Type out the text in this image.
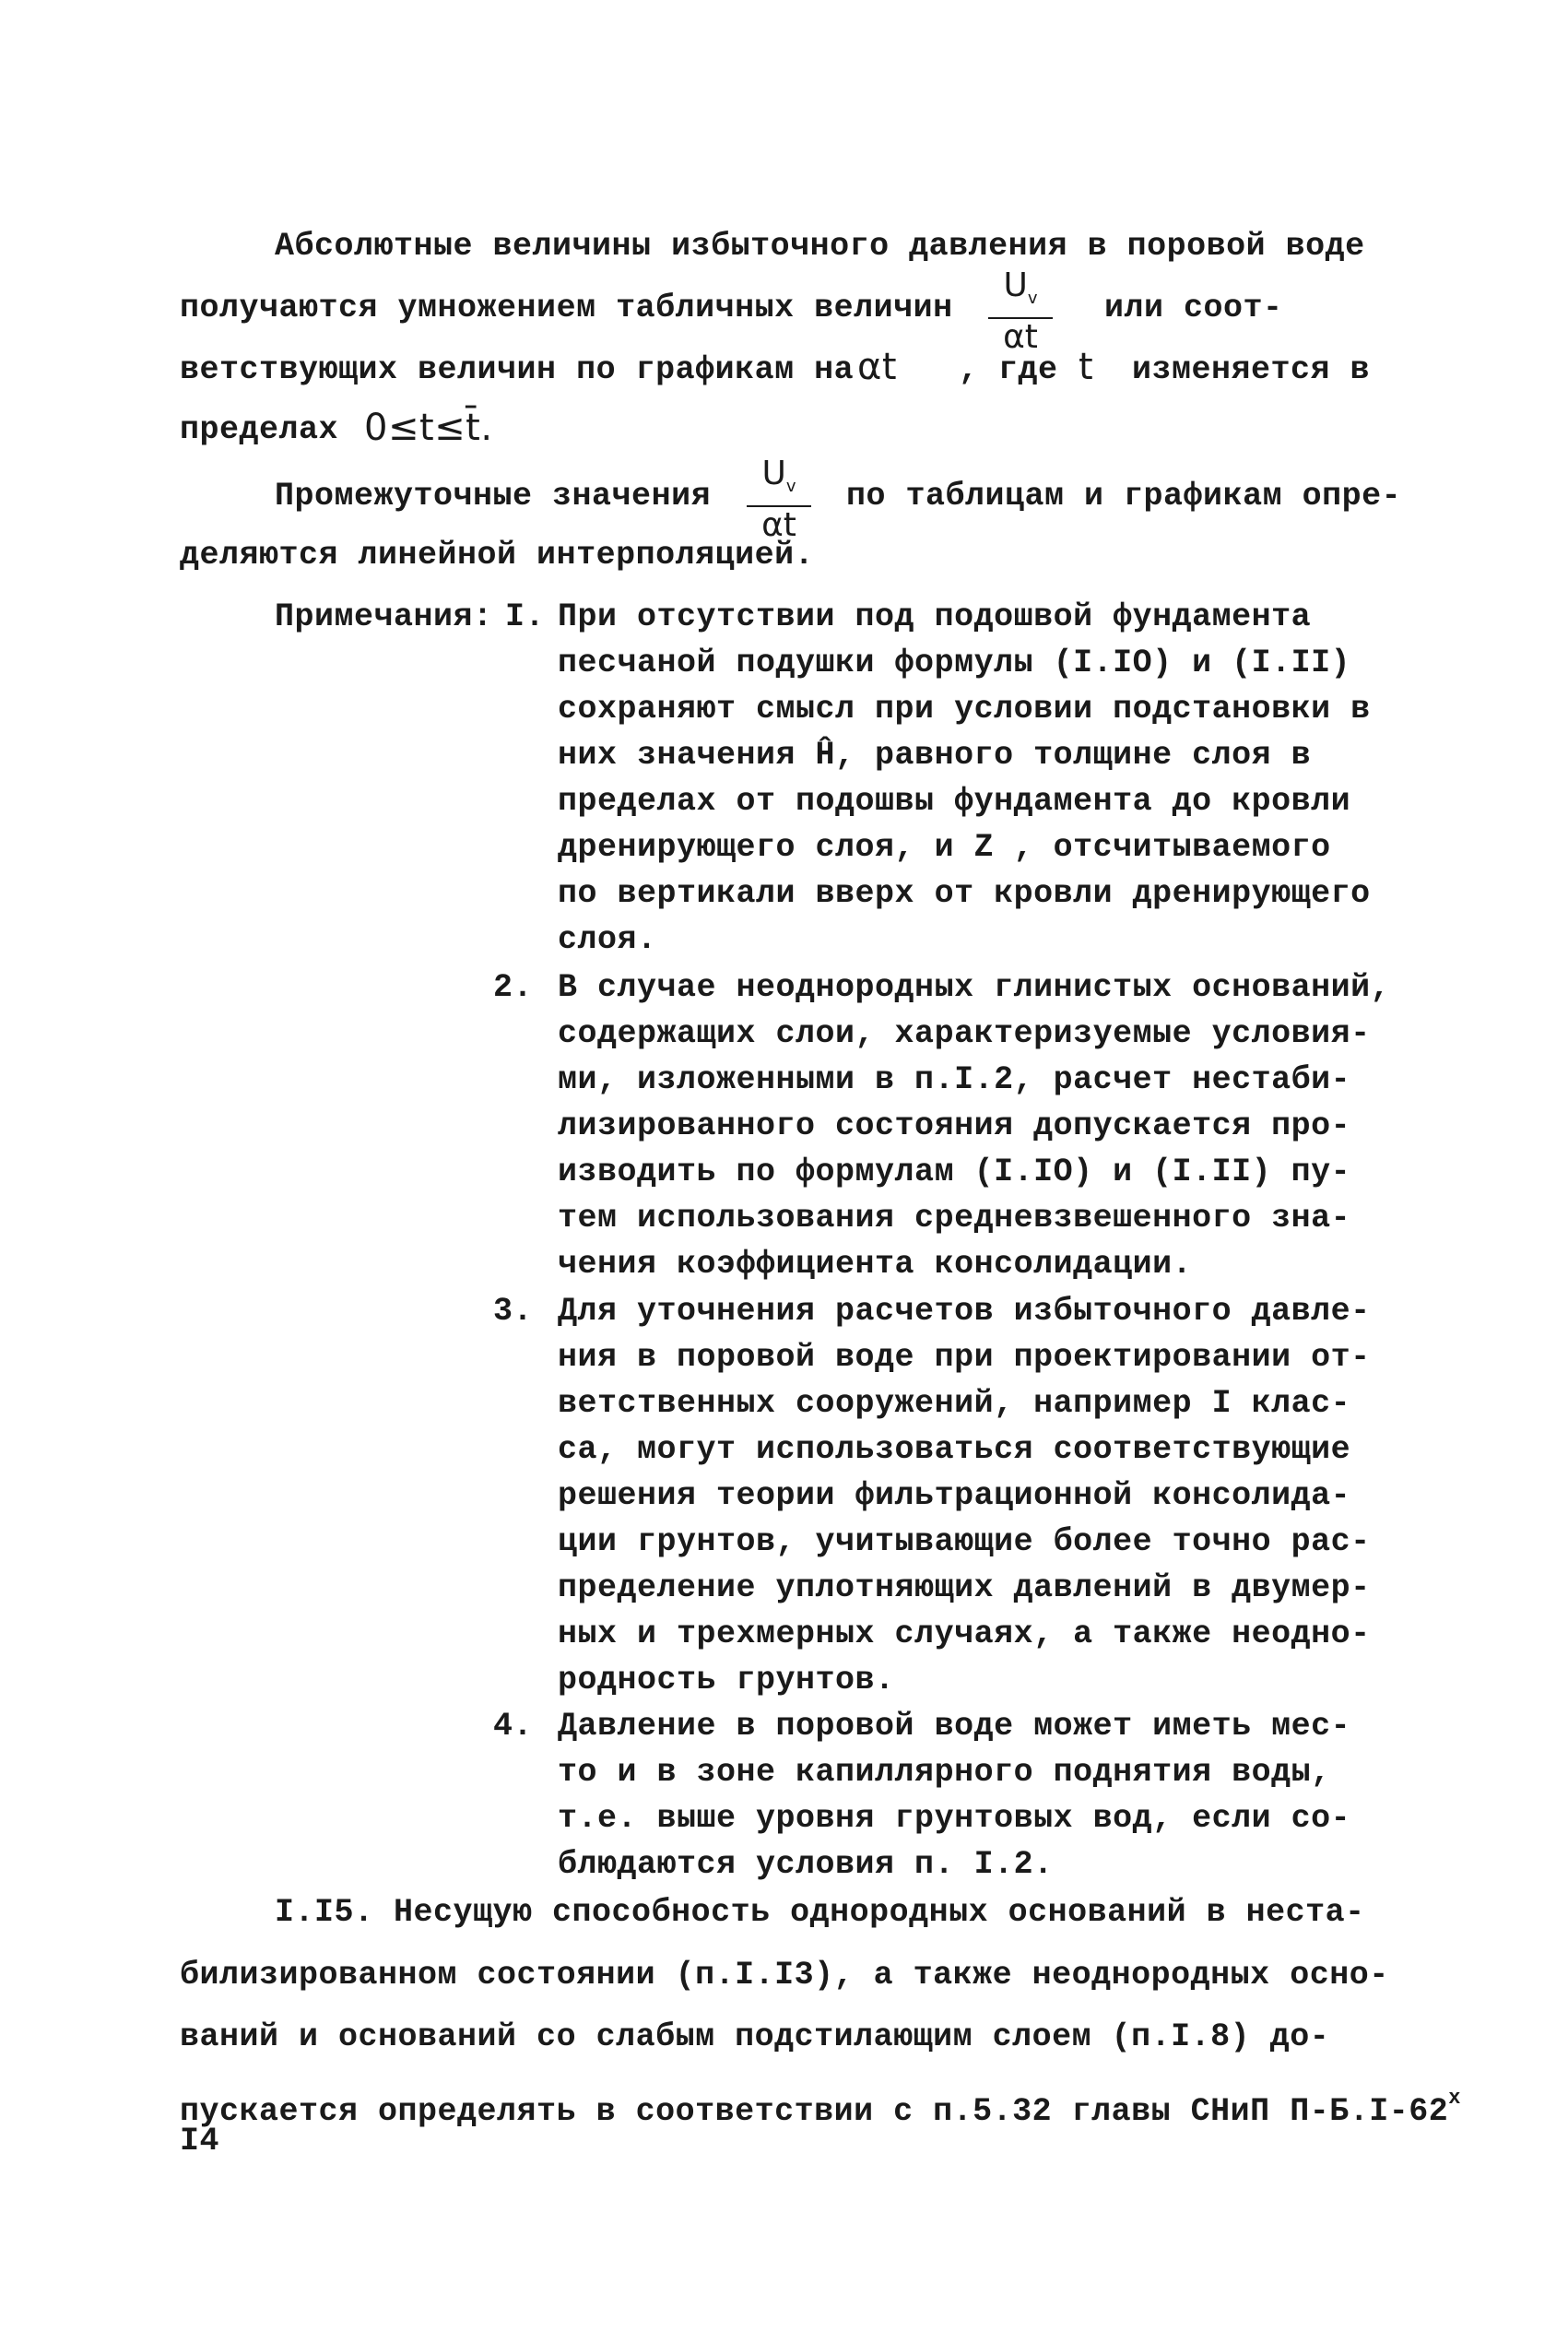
Абсолютные величины избыточного давления в поровой воде
получаются умножением табличных величин $\frac{U_v}{\alpha t}$ или соот-
ветствующих величин по графикам на αt , где t изменяется в
пределах 0≤t≤t̄.
Промежуточные значения $\frac{U_v}{\alpha t}$ по таблицам и графикам опре-
деляются линейной интерполяцией.
Примечания: I. При отсутствии под подошвой фундамента
песчаной подушки формулы (I.IO) и (I.II)
сохраняют смысл при условии подстановки в
них значения Ĥ, равного толщине слоя в
пределах от подошвы фундамента до кровли
дренирующего слоя, и Z , отсчитываемого
по вертикали вверх от кровли дренирующего
слоя.
2. В случае неоднородных глинистых оснований,
содержащих слои, характеризуемые условия-
ми, изложенными в п.I.2, расчет нестаби-
лизированного состояния допускается про-
изводить по формулам (I.IO) и (I.II) пу-
тем использования средневзвешенного зна-
чения коэффициента консолидации.
3. Для уточнения расчетов избыточного давле-
ния в поровой воде при проектировании от-
ветственных сооружений, например I клас-
са, могут использоваться соответствующие
решения теории фильтрационной консолида-
ции грунтов, учитывающие более точно рас-
пределение уплотняющих давлений в двумер-
ных и трехмерных случаях, а также неодно-
родность грунтов.
4. Давление в поровой воде может иметь мес-
то и в зоне капиллярного поднятия воды,
т.е. выше уровня грунтовых вод, если со-
блюдаются условия п. I.2.
I.I5. Несущую способность однородных оснований в неста-
билизированном состоянии (п.I.I3), а также неоднородных осно-
ваний и оснований со слабым подстилающим слоем (п.I.8) до-
пускается определять в соответствии с п.5.32 главы СНиП П-Б.I-62$^x$
I4
